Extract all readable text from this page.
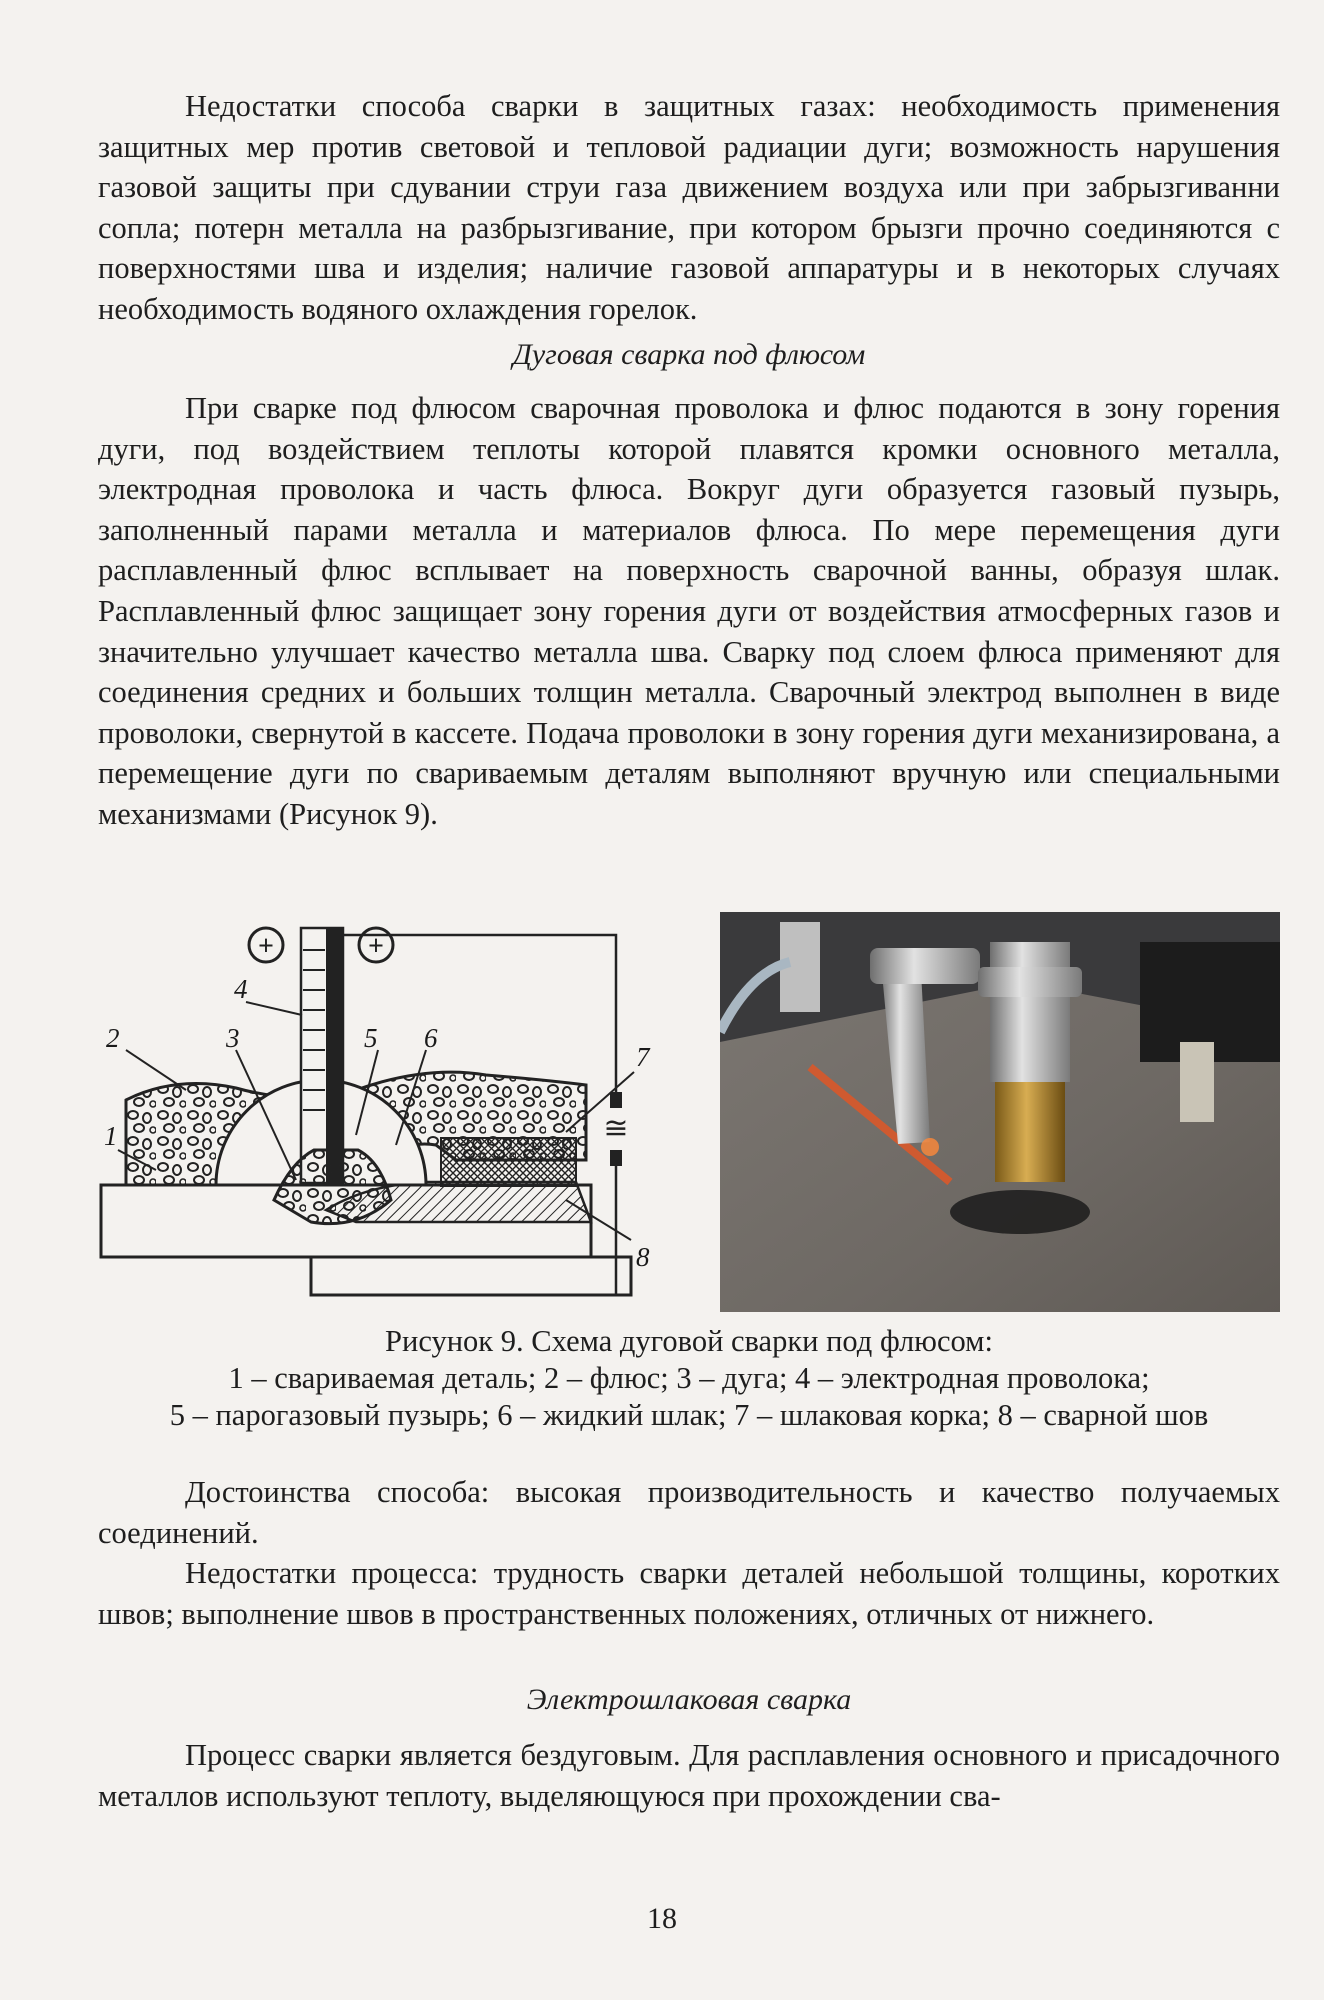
Недостатки способа сварки в защитных газах: необходимость применения защитных мер против световой и тепловой радиации дуги; возможность нарушения газовой защиты при сдувании струи газа движением воздуха или при забрызгиванни сопла; потерн металла на разбрызгивание, при котором брызги прочно соединяются с поверхностями шва и изделия; наличие газовой аппаратуры и в некоторых случаях необходимость водяного охлаждения горелок.

Дуговая сварка под флюсом

При сварке под флюсом сварочная проволока и флюс подаются в зону горения дуги, под воздействием теплоты которой плавятся кромки основного металла, электродная проволока и часть флюса. Вокруг дуги образуется газовый пузырь, заполненный парами металла и материалов флюса. По мере перемещения дуги расплавленный флюс всплывает на поверхность сварочной ванны, образуя шлак. Расплавленный флюс защищает зону горения дуги от воздействия атмосферных газов и значительно улучшает качество металла шва. Сварку под слоем флюса применяют для соединения средних и больших толщин металла. Сварочный электрод выполнен в виде проволоки, свернутой в кассете. Подача проволоки в зону горения дуги механизирована, а перемещение дуги по свариваемым деталям выполняют вручную или специальными механизмами (Рисунок 9).

+	+
≅
1
2	3
4
5 6
7
8

Рисунок 9. Схема дуговой сварки под флюсом:

1 – свариваемая деталь; 2 – флюс; 3 – дуга; 4 – электродная проволока;

5 – парогазовый пузырь; 6 – жидкий шлак; 7 – шлаковая корка; 8 – сварной шов

Достоинства способа: высокая производительность и качество получаемых соединений.

Недостатки процесса: трудность сварки деталей небольшой толщины, коротких швов; выполнение швов в пространственных положениях, отличных от нижнего.

Электрошлаковая сварка

Процесс сварки является бездуговым. Для расплавления основного и присадочного металлов используют теплоту, выделяющуюся при прохождении сва-

18
